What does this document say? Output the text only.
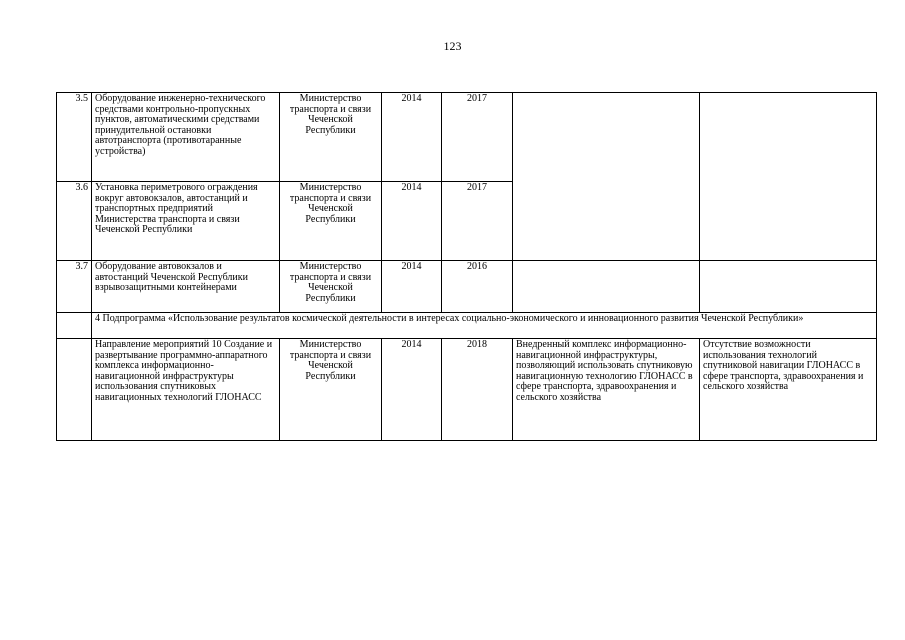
123
3.5	Оборудование инженерно-технического средствами контрольно-пропускных пунктов, автоматическими средствами принудительной остановки автотранспорта (противотаранные устройства)	Министерство транспорта и связи Чеченской Республики	2014	2017		
3.6	Установка периметрового ограждения вокруг автовокзалов, автостанций и транспортных предприятий Министерства транспорта и связи Чеченской Республики	Министерство транспорта и связи Чеченской Республики	2014	2017		
3.7	Оборудование автовокзалов и автостанций Чеченской Республики взрывозащитными контейнерами	Министерство транспорта и связи Чеченской Республики	2014	2016		
	4 Подпрограмма «Использование результатов космической деятельности в интересах социально-экономического и инновационного развития Чеченской Республики»					
	Направление мероприятий 10 Создание и развертывание программно-аппаратного комплекса информационно-навигационной инфраструктуры использования спутниковых навигационных технологий ГЛОНАСС	Министерство транспорта и связи Чеченской Республики	2014	2018	Внедренный комплекс информационно-навигационной инфраструктуры, позволяющий использовать спутниковую навигационную технологию ГЛОНАСС в сфере транспорта, здравоохранения и сельского хозяйства	Отсутствие возможности использования технологий спутниковой навигации ГЛОНАСС в сфере транспорта, здравоохранения и сельского хозяйства
